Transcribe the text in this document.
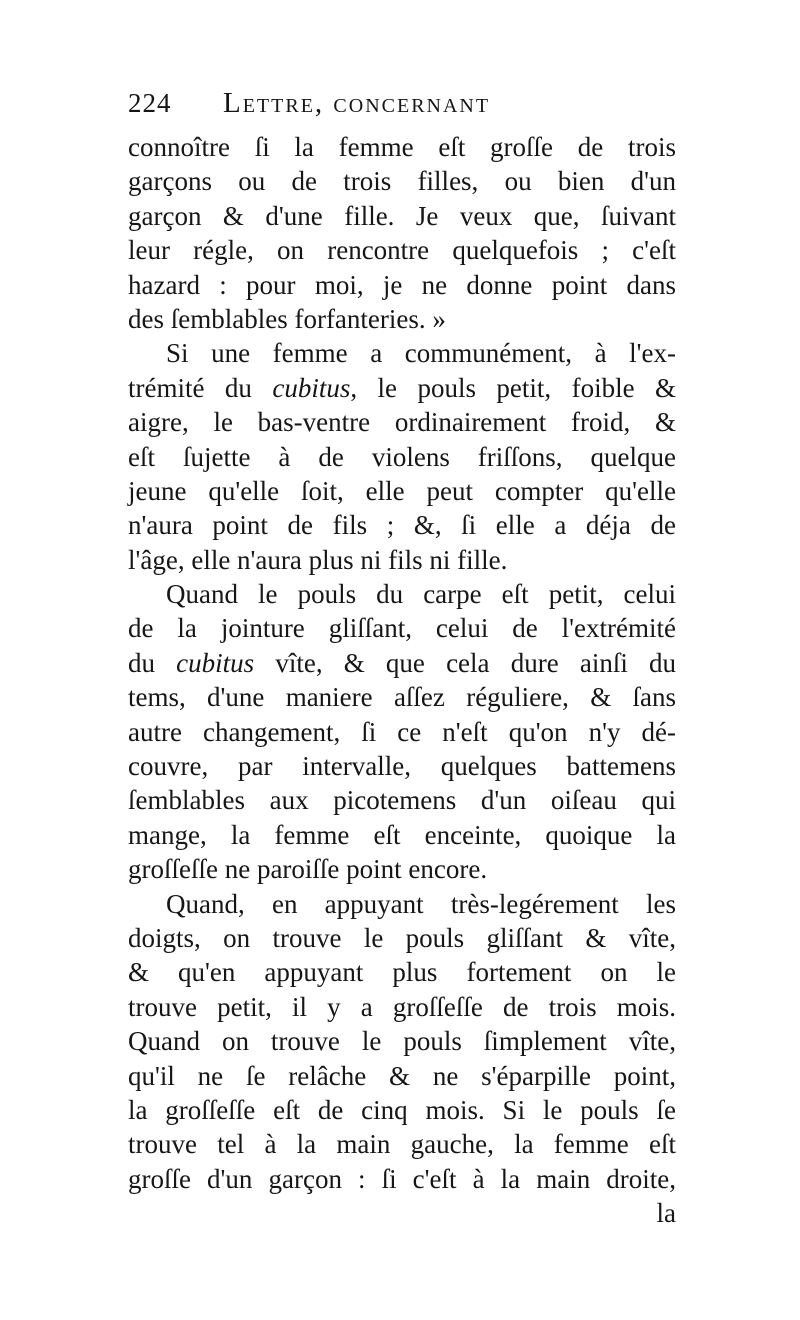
224	Lettre, concernant
connoître ſi la femme eſt groſſe de trois
garçons ou de trois filles, ou bien d'un
garçon & d'une fille. Je veux que, ſuivant
leur régle, on rencontre quelquefois ; c'eſt
hazard : pour moi, je ne donne point dans
des ſemblables forfanteries. »
Si une femme a communément, à l'ex-
trémité du cubitus, le pouls petit, foible &
aigre, le bas-ventre ordinairement froid, &
eſt ſujette à de violens friſſons, quelque
jeune qu'elle ſoit, elle peut compter qu'elle
n'aura point de fils ; &, ſi elle a déja de
l'âge, elle n'aura plus ni fils ni fille.
Quand le pouls du carpe eſt petit, celui
de la jointure gliſſant, celui de l'extrémité
du cubitus vîte, & que cela dure ainſi du
tems, d'une maniere aſſez réguliere, & ſans
autre changement, ſi ce n'eſt qu'on n'y dé-
couvre, par intervalle, quelques battemens
ſemblables aux picotemens d'un oiſeau qui
mange, la femme eſt enceinte, quoique la
groſſeſſe ne paroiſſe point encore.
Quand, en appuyant très-legérement les
doigts, on trouve le pouls gliſſant & vîte,
& qu'en appuyant plus fortement on le
trouve petit, il y a groſſeſſe de trois mois.
Quand on trouve le pouls ſimplement vîte,
qu'il ne ſe relâche & ne s'éparpille point,
la groſſeſſe eſt de cinq mois. Si le pouls ſe
trouve tel à la main gauche, la femme eſt
groſſe d'un garçon : ſi c'eſt à la main droite,
la
